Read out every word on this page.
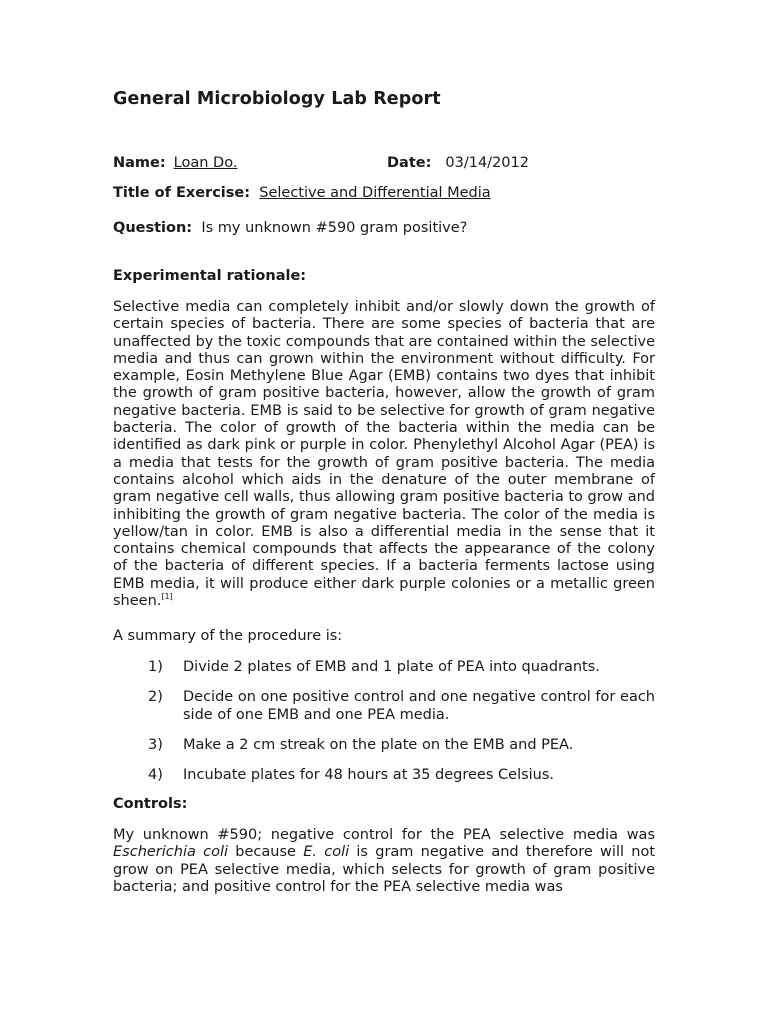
General Microbiology Lab Report
Name: Loan Do.	Date: 03/14/2012
Title of Exercise: Selective and Differential Media
Question: Is my unknown #590 gram positive?
Experimental rationale:

Selective media can completely inhibit and/or slowly down the growth of certain species of bacteria. There are some species of bacteria that are unaffected by the toxic compounds that are contained within the selective media and thus can grown within the environment without difficulty. For example, Eosin Methylene Blue Agar (EMB) contains two dyes that inhibit the growth of gram positive bacteria, however, allow the growth of gram negative bacteria. EMB is said to be selective for growth of gram negative bacteria. The color of growth of the bacteria within the media can be identified as dark pink or purple in color. Phenylethyl Alcohol Agar (PEA) is a media that tests for the growth of gram positive bacteria. The media contains alcohol which aids in the denature of the outer membrane of gram negative cell walls, thus allowing gram positive bacteria to grow and inhibiting the growth of gram negative bacteria. The color of the media is yellow/tan in color. EMB is also a differential media in the sense that it contains chemical compounds that affects the appearance of the colony of the bacteria of different species. If a bacteria ferments lactose using EMB media, it will produce either dark purple colonies or a metallic green sheen.[1]

A summary of the procedure is:
1) Divide 2 plates of EMB and 1 plate of PEA into quadrants.
2) Decide on one positive control and one negative control for each side of one EMB and one PEA media.
3) Make a 2 cm streak on the plate on the EMB and PEA.
4) Incubate plates for 48 hours at 35 degrees Celsius.
Controls:

My unknown #590; negative control for the PEA selective media was Escherichia coli because E. coli is gram negative and therefore will not grow on PEA selective media, which selects for growth of gram positive bacteria; and positive control for the PEA selective media was
